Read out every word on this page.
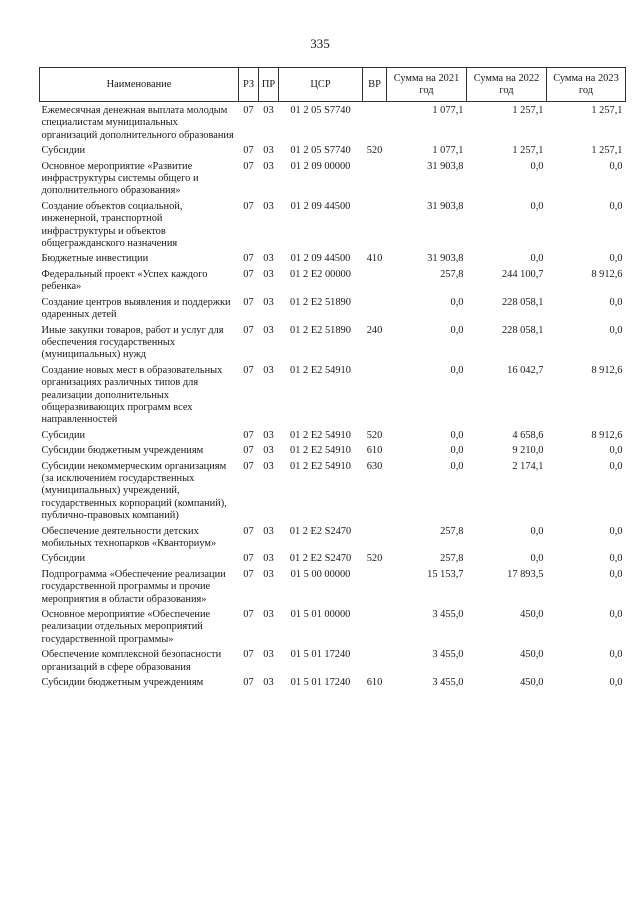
335
Наименование	РЗ	ПР	ЦСР	ВР	Сумма на 2021 год	Сумма на 2022 год	Сумма на 2023 год
Ежемесячная денежная выплата молодым специалистам муниципальных организаций дополнительного образования	07	03	01 2 05 S7740		1 077,1	1 257,1	1 257,1
Субсидии	07	03	01 2 05 S7740	520	1 077,1	1 257,1	1 257,1
Основное мероприятие «Развитие инфраструктуры системы общего и дополнительного образования»	07	03	01 2 09 00000		31 903,8	0,0	0,0
Создание объектов социальной, инженерной, транспортной инфраструктуры и объектов общегражданского назначения	07	03	01 2 09 44500		31 903,8	0,0	0,0
Бюджетные инвестиции	07	03	01 2 09 44500	410	31 903,8	0,0	0,0
Федеральный проект «Успех каждого ребенка»	07	03	01 2 E2 00000		257,8	244 100,7	8 912,6
Создание центров выявления и поддержки одаренных детей	07	03	01 2 E2 51890		0,0	228 058,1	0,0
Иные закупки товаров, работ и услуг для обеспечения государственных (муниципальных) нужд	07	03	01 2 E2 51890	240	0,0	228 058,1	0,0
Создание новых мест в образовательных организациях различных типов для реализации дополнительных общеразвивающих программ всех направленностей	07	03	01 2 E2 54910		0,0	16 042,7	8 912,6
Субсидии	07	03	01 2 E2 54910	520	0,0	4 658,6	8 912,6
Субсидии бюджетным учреждениям	07	03	01 2 E2 54910	610	0,0	9 210,0	0,0
Субсидии некоммерческим организациям (за исключением государственных (муниципальных) учреждений, государственных корпораций (компаний), публично-правовых компаний)	07	03	01 2 E2 54910	630	0,0	2 174,1	0,0
Обеспечение деятельности детских мобильных технопарков «Кванториум»	07	03	01 2 E2 S2470		257,8	0,0	0,0
Субсидии	07	03	01 2 E2 S2470	520	257,8	0,0	0,0
Подпрограмма «Обеспечение реализации государственной программы и прочие мероприятия в области образования»	07	03	01 5 00 00000		15 153,7	17 893,5	0,0
Основное мероприятие «Обеспечение реализации отдельных мероприятий государственной программы»	07	03	01 5 01 00000		3 455,0	450,0	0,0
Обеспечение комплексной безопасности организаций в сфере образования	07	03	01 5 01 17240		3 455,0	450,0	0,0
Субсидии бюджетным учреждениям	07	03	01 5 01 17240	610	3 455,0	450,0	0,0
